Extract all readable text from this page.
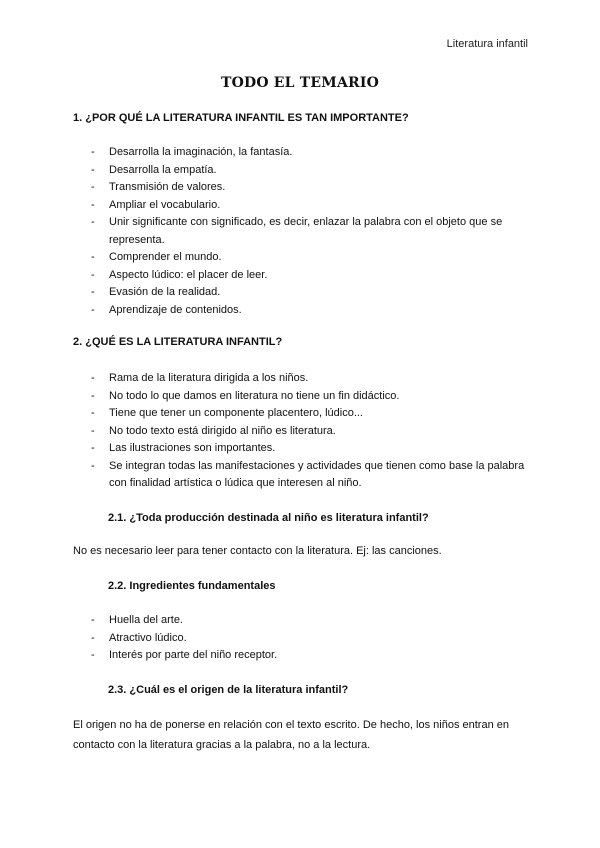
Literatura infantil
TODO EL TEMARIO
1. ¿POR QUÉ LA LITERATURA INFANTIL ES TAN IMPORTANTE?
- Desarrolla la imaginación, la fantasía.
- Desarrolla la empatía.
- Transmisión de valores.
- Ampliar el vocabulario.
- Unir significante con significado, es decir, enlazar la palabra con el objeto que se representa.
- Comprender el mundo.
- Aspecto lúdico: el placer de leer.
- Evasión de la realidad.
- Aprendizaje de contenidos.
2. ¿QUÉ ES LA LITERATURA INFANTIL?
- Rama de la literatura dirigida a los niños.
- No todo lo que damos en literatura no tiene un fin didáctico.
- Tiene que tener un componente placentero, lúdico...
- No todo texto está dirigido al niño es literatura.
- Las ilustraciones son importantes.
- Se integran todas las manifestaciones y actividades que tienen como base la palabra con finalidad artística o lúdica que interesen al niño.
2.1. ¿Toda producción destinada al niño es literatura infantil?
No es necesario leer para tener contacto con la literatura. Ej: las canciones.
2.2. Ingredientes fundamentales
- Huella del arte.
- Atractivo lúdico.
- Interés por parte del niño receptor.
2.3. ¿Cuál es el origen de la literatura infantil?
El origen no ha de ponerse en relación con el texto escrito. De hecho, los niños entran en contacto con la literatura gracias a la palabra, no a la lectura.
